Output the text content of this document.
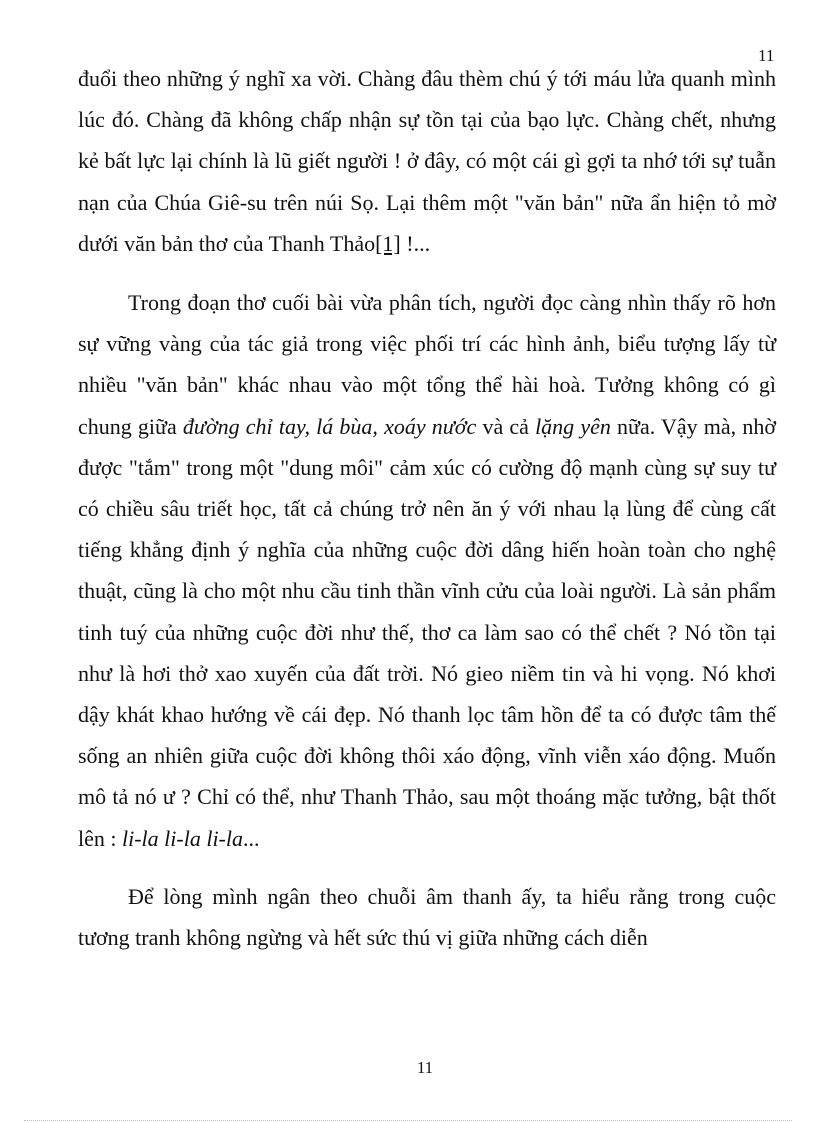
11

đuổi theo những ý nghĩ xa vời. Chàng đâu thèm chú ý tới máu lửa quanh mình lúc đó. Chàng đã không chấp nhận sự tồn tại của bạo lực. Chàng chết, nhưng kẻ bất lực lại chính là lũ giết người ! ở đây, có một cái gì gợi ta nhớ tới sự tuẫn nạn của Chúa Giê-su trên núi Sọ. Lại thêm một "văn bản" nữa ẩn hiện tỏ mờ dưới văn bản thơ của Thanh Thảo[1] !...

Trong đoạn thơ cuối bài vừa phân tích, người đọc càng nhìn thấy rõ hơn sự vững vàng của tác giả trong việc phối trí các hình ảnh, biểu tượng lấy từ nhiều "văn bản" khác nhau vào một tổng thể hài hoà. Tưởng không có gì chung giữa đường chỉ tay, lá bùa, xoáy nước và cả lặng yên nữa. Vậy mà, nhờ được "tắm" trong một "dung môi" cảm xúc có cường độ mạnh cùng sự suy tư có chiều sâu triết học, tất cả chúng trở nên ăn ý với nhau lạ lùng để cùng cất tiếng khẳng định ý nghĩa của những cuộc đời dâng hiến hoàn toàn cho nghệ thuật, cũng là cho một nhu cầu tinh thần vĩnh cửu của loài người. Là sản phẩm tinh tuý của những cuộc đời như thế, thơ ca làm sao có thể chết ? Nó tồn tại như là hơi thở xao xuyến của đất trời. Nó gieo niềm tin và hi vọng. Nó khơi dậy khát khao hướng về cái đẹp. Nó thanh lọc tâm hồn để ta có được tâm thế sống an nhiên giữa cuộc đời không thôi xáo động, vĩnh viễn xáo động. Muốn mô tả nó ư ? Chỉ có thể, như Thanh Thảo, sau một thoáng mặc tưởng, bật thốt lên : li-la li-la li-la...

Để lòng mình ngân theo chuỗi âm thanh ấy, ta hiểu rằng trong cuộc tương tranh không ngừng và hết sức thú vị giữa những cách diễn

11
